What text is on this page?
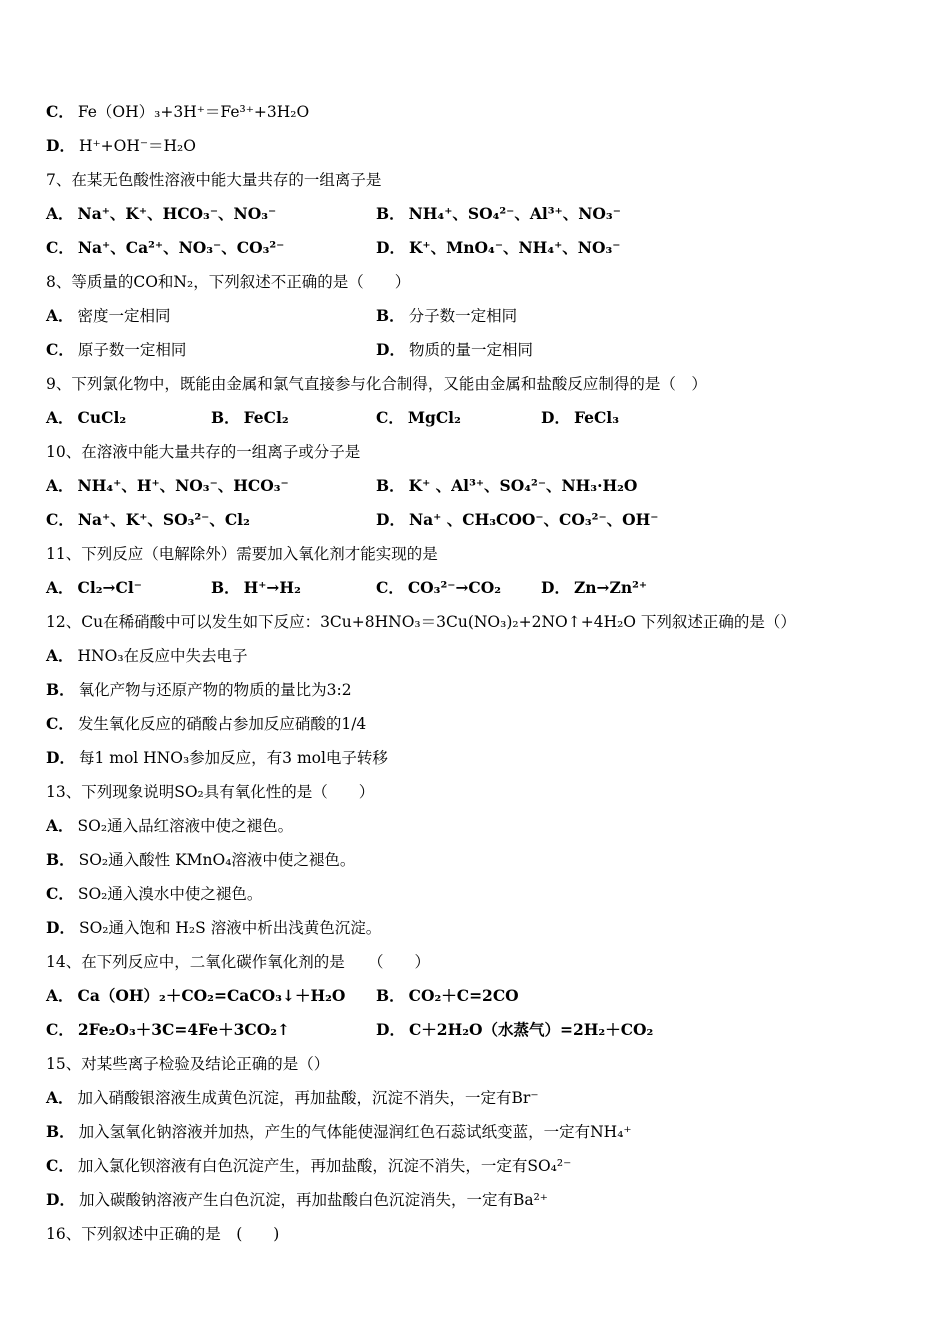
C． Fe（OH）₃+3H⁺＝Fe³⁺+3H₂O
D． H⁺+OH⁻＝H₂O
7、在某无色酸性溶液中能大量共存的一组离子是
A． Na⁺、K⁺、HCO₃⁻、NO₃⁻	B． NH₄⁺、SO₄²⁻、Al³⁺、NO₃⁻
C． Na⁺、Ca²⁺、NO₃⁻、CO₃²⁻	D． K⁺、MnO₄⁻、NH₄⁺、NO₃⁻
8、等质量的CO和N₂，下列叙述不正确的是（　　）
A． 密度一定相同	B． 分子数一定相同
C． 原子数一定相同	D． 物质的量一定相同
9、下列氯化物中，既能由金属和氯气直接参与化合制得，又能由金属和盐酸反应制得的是（　）
A． CuCl₂	B． FeCl₂	C． MgCl₂	D． FeCl₃
10、在溶液中能大量共存的一组离子或分子是
A． NH₄⁺、H⁺、NO₃⁻、HCO₃⁻	B． K⁺ 、Al³⁺、SO₄²⁻、NH₃·H₂O
C． Na⁺、K⁺、SO₃²⁻、Cl₂	D． Na⁺ 、CH₃COO⁻、CO₃²⁻、OH⁻
11、下列反应（电解除外）需要加入氧化剂才能实现的是
A． Cl₂→Cl⁻	B． H⁺→H₂	C． CO₃²⁻→CO₂	D． Zn→Zn²⁺
12、Cu在稀硝酸中可以发生如下反应：3Cu+8HNO₃＝3Cu(NO₃)₂+2NO↑+4H₂O 下列叙述正确的是（）
A． HNO₃在反应中失去电子
B． 氧化产物与还原产物的物质的量比为3:2
C． 发生氧化反应的硝酸占参加反应硝酸的1/4
D． 每1 mol HNO₃参加反应，有3 mol电子转移
13、下列现象说明SO₂具有氧化性的是（　　）
A． SO₂通入品红溶液中使之褪色。
B． SO₂通入酸性 KMnO₄溶液中使之褪色。
C． SO₂通入溴水中使之褪色。
D． SO₂通入饱和 H₂S 溶液中析出浅黄色沉淀。
14、在下列反应中，二氧化碳作氧化剂的是　　（　　）
A． Ca（OH）₂＋CO₂=CaCO₃↓＋H₂O B． CO₂＋C=2CO
C． 2Fe₂O₃＋3C=4Fe＋3CO₂↑	D． C＋2H₂O（水蒸气）=2H₂＋CO₂
15、对某些离子检验及结论正确的是（）
A． 加入硝酸银溶液生成黄色沉淀，再加盐酸，沉淀不消失，一定有Br⁻
B． 加入氢氧化钠溶液并加热，产生的气体能使湿润红色石蕊试纸变蓝，一定有NH₄⁺
C． 加入氯化钡溶液有白色沉淀产生，再加盐酸，沉淀不消失，一定有SO₄²⁻
D． 加入碳酸钠溶液产生白色沉淀，再加盐酸白色沉淀消失，一定有Ba²⁺
16、下列叙述中正确的是　(　　)
